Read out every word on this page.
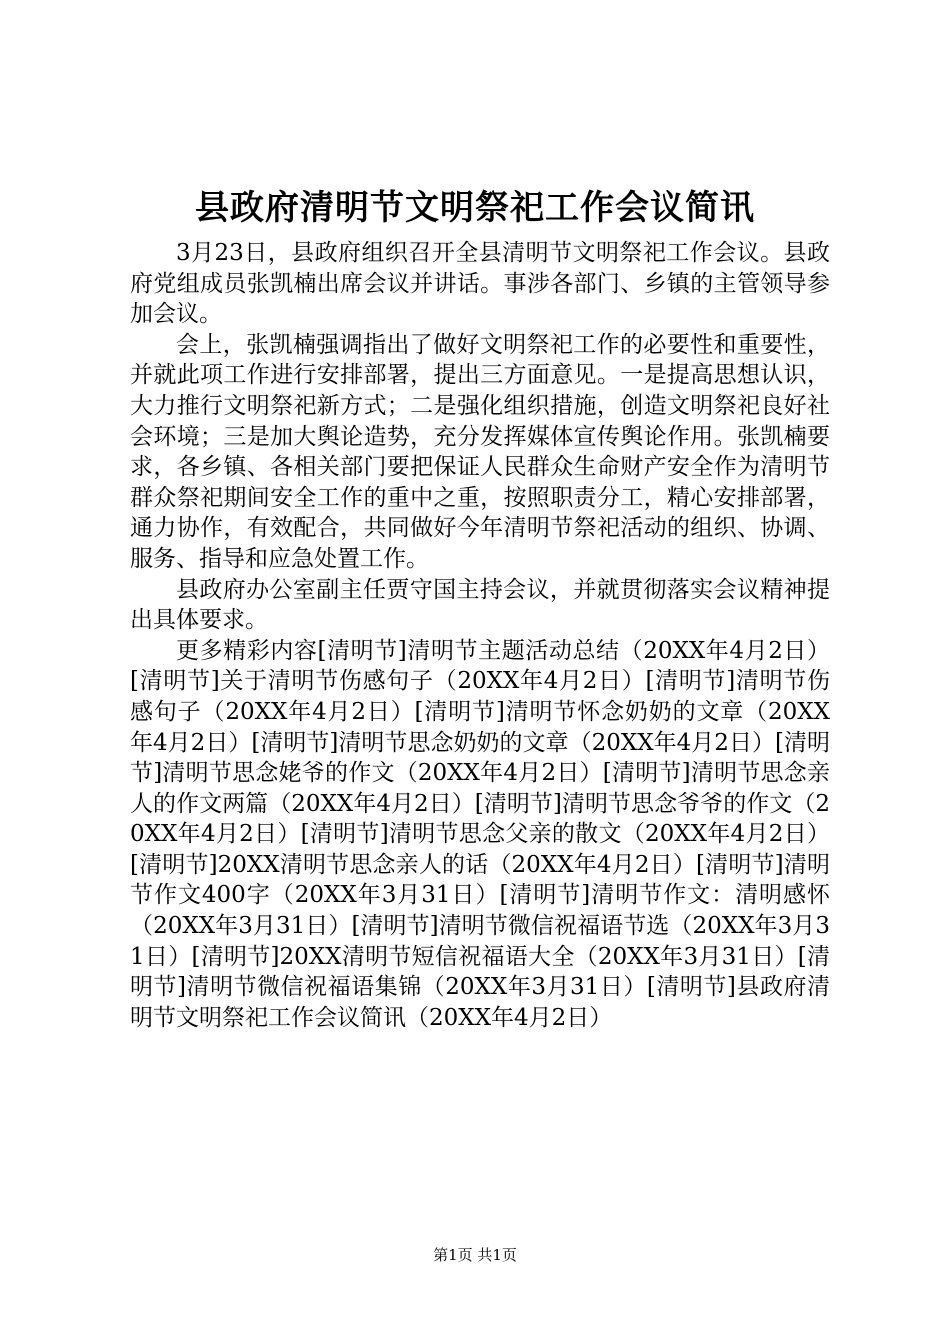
县政府清明节文明祭祀工作会议简讯

3月23日，县政府组织召开全县清明节文明祭祀工作会议。县政府党组成员张凯楠出席会议并讲话。事涉各部门、乡镇的主管领导参加会议。

会上，张凯楠强调指出了做好文明祭祀工作的必要性和重要性，并就此项工作进行安排部署，提出三方面意见。一是提高思想认识，大力推行文明祭祀新方式；二是强化组织措施，创造文明祭祀良好社会环境；三是加大舆论造势，充分发挥媒体宣传舆论作用。张凯楠要求，各乡镇、各相关部门要把保证人民群众生命财产安全作为清明节群众祭祀期间安全工作的重中之重，按照职责分工，精心安排部署，通力协作，有效配合，共同做好今年清明节祭祀活动的组织、协调、服务、指导和应急处置工作。

县政府办公室副主任贾守国主持会议，并就贯彻落实会议精神提出具体要求。

更多精彩内容[清明节]清明节主题活动总结（20XX年4月2日）[清明节]关于清明节伤感句子（20XX年4月2日）[清明节]清明节伤感句子（20XX年4月2日）[清明节]清明节怀念奶奶的文章（20XX年4月2日）[清明节]清明节思念奶奶的文章（20XX年4月2日）[清明节]清明节思念姥爷的作文（20XX年4月2日）[清明节]清明节思念亲人的作文两篇（20XX年4月2日）[清明节]清明节思念爷爷的作文（20XX年4月2日）[清明节]清明节思念父亲的散文（20XX年4月2日）[清明节]20XX清明节思念亲人的话（20XX年4月2日）[清明节]清明节作文400字（20XX年3月31日）[清明节]清明节作文：清明感怀（20XX年3月31日）[清明节]清明节微信祝福语节选（20XX年3月31日）[清明节]20XX清明节短信祝福语大全（20XX年3月31日）[清明节]清明节微信祝福语集锦（20XX年3月31日）[清明节]县政府清明节文明祭祀工作会议简讯（20XX年4月2日）

第1页 共1页
